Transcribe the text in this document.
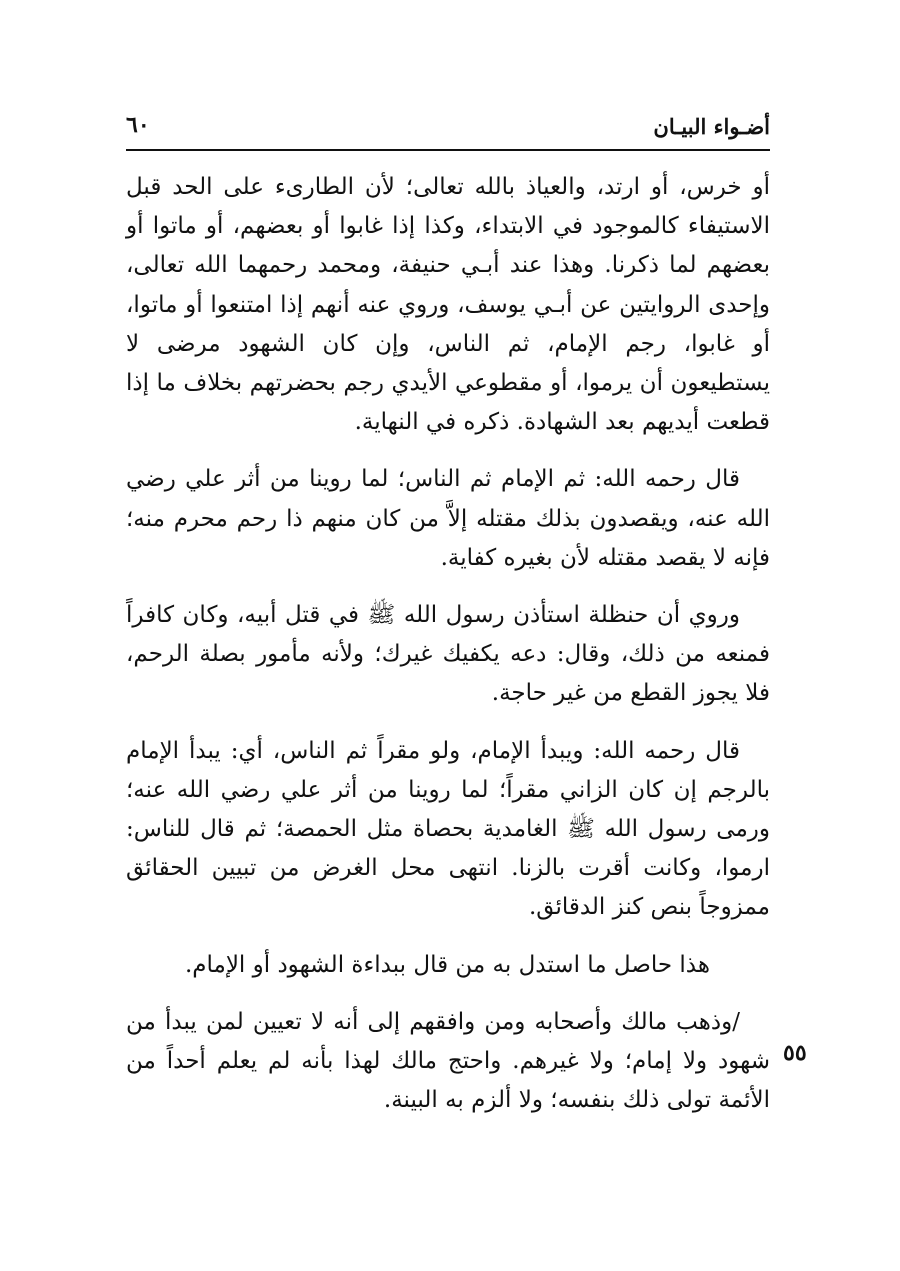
أضـواء البيـان
٦٠

أو خرس، أو ارتد، والعياذ بالله تعالى؛ لأن الطارىء على الحد قبل الاستيفاء كالموجود في الابتداء، وكذا إذا غابوا أو بعضهم، أو ماتوا أو بعضهم لما ذكرنا. وهذا عند أبـي حنيفة، ومحمد رحمهما الله تعالى، وإحدى الروايتين عن أبـي يوسف، وروي عنه أنهم إذا امتنعوا أو ماتوا، أو غابوا، رجم الإمام، ثم الناس، وإن كان الشهود مرضى لا يستطيعون أن يرموا، أو مقطوعي الأيدي رجم بحضرتهم بخلاف ما إذا قطعت أيديهم بعد الشهادة. ذكره في النهاية.

قال رحمه الله: ثم الإمام ثم الناس؛ لما روينا من أثر علي رضي الله عنه، ويقصدون بذلك مقتله إلاَّ من كان منهم ذا رحم محرم منه؛ فإنه لا يقصد مقتله لأن بغيره كفاية.

وروي أن حنظلة استأذن رسول الله ﷺ في قتل أبيه، وكان كافراً فمنعه من ذلك، وقال: دعه يكفيك غيرك؛ ولأنه مأمور بصلة الرحم، فلا يجوز القطع من غير حاجة.

قال رحمه الله: ويبدأ الإمام، ولو مقراً ثم الناس، أي: يبدأ الإمام بالرجم إن كان الزاني مقراً؛ لما روينا من أثر علي رضي الله عنه؛ ورمى رسول الله ﷺ الغامدية بحصاة مثل الحمصة؛ ثم قال للناس: ارموا، وكانت أقرت بالزنا. انتهى محل الغرض من تبيين الحقائق ممزوجاً بنص كنز الدقائق.

هذا حاصل ما استدل به من قال ببداءة الشهود أو الإمام.

/وذهب مالك وأصحابه ومن وافقهم إلى أنه لا تعيين لمن يبدأ من شهود ولا إمام؛ ولا غيرهم. واحتج مالك لهذا بأنه لم يعلم أحداً من الأئمة تولى ذلك بنفسه؛ ولا ألزم به البينة.

٥٥
